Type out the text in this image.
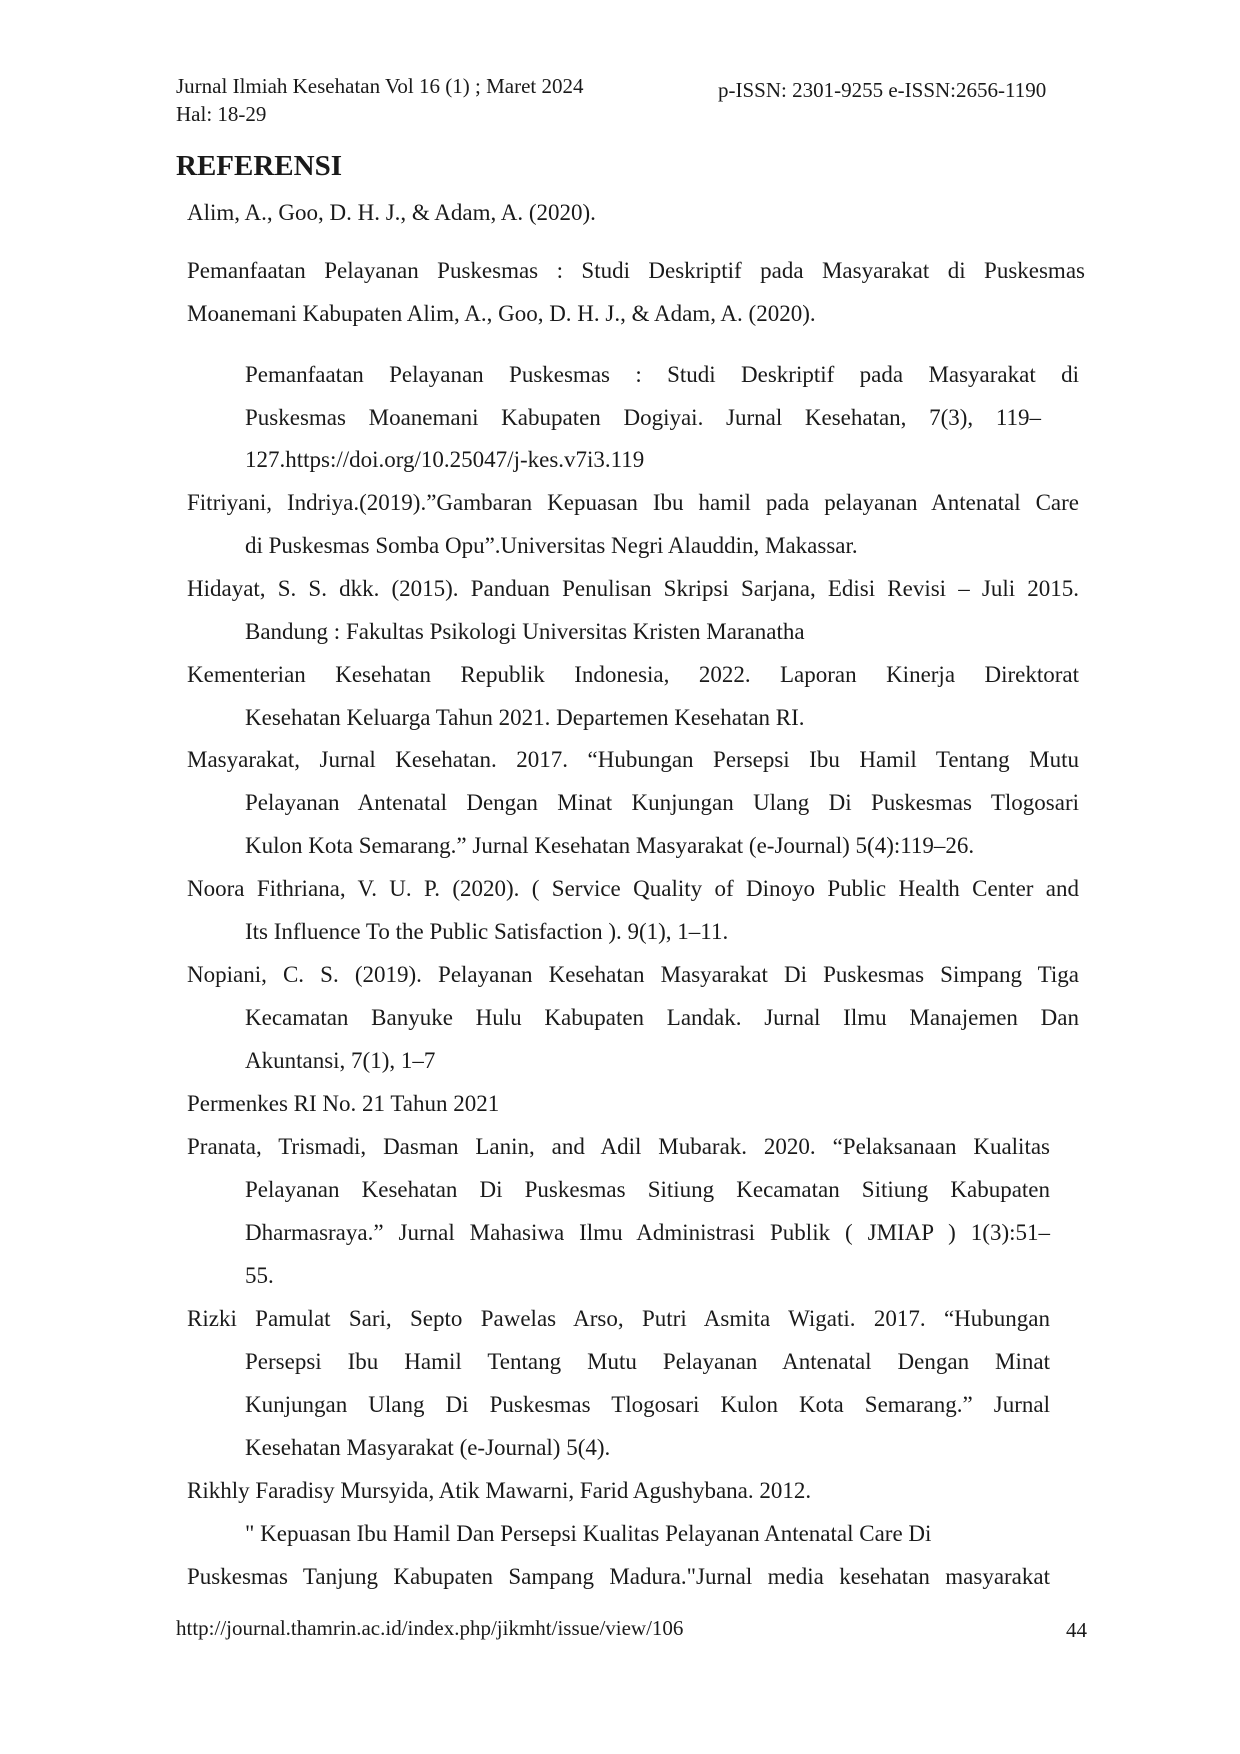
Jurnal Ilmiah Kesehatan Vol 16 (1) ; Maret 2024
Hal: 18-29
p-ISSN: 2301-9255 e-ISSN:2656-1190
REFERENSI
Alim, A., Goo, D. H. J., & Adam, A. (2020).
Pemanfaatan Pelayanan Puskesmas : Studi Deskriptif pada Masyarakat di Puskesmas
Moanemani Kabupaten Alim, A., Goo, D. H. J., & Adam, A. (2020).
Pemanfaatan Pelayanan Puskesmas : Studi Deskriptif pada Masyarakat di
Puskesmas Moanemani Kabupaten Dogiyai. Jurnal Kesehatan, 7(3), 119–
127.https://doi.org/10.25047/j-kes.v7i3.119
Fitriyani, Indriya.(2019).”Gambaran Kepuasan Ibu hamil pada pelayanan Antenatal Care
di Puskesmas Somba Opu”.Universitas Negri Alauddin, Makassar.
Hidayat, S. S. dkk. (2015). Panduan Penulisan Skripsi Sarjana, Edisi Revisi – Juli 2015.
Bandung : Fakultas Psikologi Universitas Kristen Maranatha
Kementerian Kesehatan Republik Indonesia, 2022. Laporan Kinerja Direktorat
Kesehatan Keluarga Tahun 2021. Departemen Kesehatan RI.
Masyarakat, Jurnal Kesehatan. 2017. “Hubungan Persepsi Ibu Hamil Tentang Mutu
Pelayanan Antenatal Dengan Minat Kunjungan Ulang Di Puskesmas Tlogosari
Kulon Kota Semarang.” Jurnal Kesehatan Masyarakat (e-Journal) 5(4):119–26.
Noora Fithriana, V. U. P. (2020). ( Service Quality of Dinoyo Public Health Center and
Its Influence To the Public Satisfaction ). 9(1), 1–11.
Nopiani, C. S. (2019). Pelayanan Kesehatan Masyarakat Di Puskesmas Simpang Tiga
Kecamatan Banyuke Hulu Kabupaten Landak. Jurnal Ilmu Manajemen Dan
Akuntansi, 7(1), 1–7
Permenkes RI No. 21 Tahun 2021
Pranata, Trismadi, Dasman Lanin, and Adil Mubarak. 2020. “Pelaksanaan Kualitas
Pelayanan Kesehatan Di Puskesmas Sitiung Kecamatan Sitiung Kabupaten
Dharmasraya.” Jurnal Mahasiwa Ilmu Administrasi Publik ( JMIAP ) 1(3):51–
55.
Rizki Pamulat Sari, Septo Pawelas Arso, Putri Asmita Wigati. 2017. “Hubungan
Persepsi Ibu Hamil Tentang Mutu Pelayanan Antenatal Dengan Minat
Kunjungan Ulang Di Puskesmas Tlogosari Kulon Kota Semarang.” Jurnal
Kesehatan Masyarakat (e-Journal) 5(4).
Rikhly Faradisy Mursyida, Atik Mawarni, Farid Agushybana. 2012.
" Kepuasan Ibu Hamil Dan Persepsi Kualitas Pelayanan Antenatal Care Di
Puskesmas Tanjung Kabupaten Sampang Madura."Jurnal media kesehatan masyarakat
http://journal.thamrin.ac.id/index.php/jikmht/issue/view/106	44
